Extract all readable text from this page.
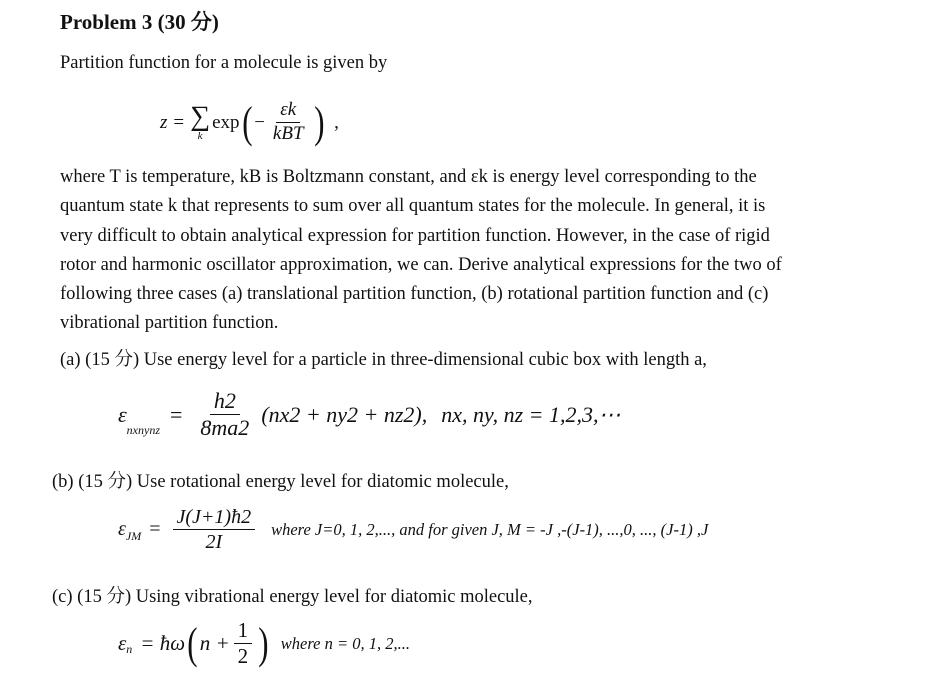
Problem 3 (30 分)
Partition function for a molecule is given by
z = ∑
k
exp ( − $\frac{\varepsilon k}{\text{kBT}}$ ) ,
where T is temperature, kB is Boltzmann constant, and εk is energy level corresponding to the
quantum state k that represents to sum over all quantum states for the molecule. In general, it is
very difficult to obtain analytical expression for partition function. However, in the case of rigid
rotor and harmonic oscillator approximation, we can. Derive analytical expressions for the two of
following three cases (a) translational partition function, (b) rotational partition function and (c)
vibrational partition function.
(a) (15 分) Use energy level for a particle in three-dimensional cubic box with length a,
ε
nxnynz
= $\frac{h2}{8ma2} (nx2 + ny2 + nz2)$, nx, ny, nz = 1,2,3,⋯
(b) (15 分) Use rotational energy level for diatomic molecule,
ε JM = $\frac{J(J+1)ħ2}{2I}$ where J=0, 1, 2,..., and for given J, M = -J ,-(J-1), ...,0, ..., (J-1) ,J
(c) (15 分) Using vibrational energy level for diatomic molecule,
ε n = ħω ( $n + \frac{1}{2}$ ) where n = 0, 1, 2,...
